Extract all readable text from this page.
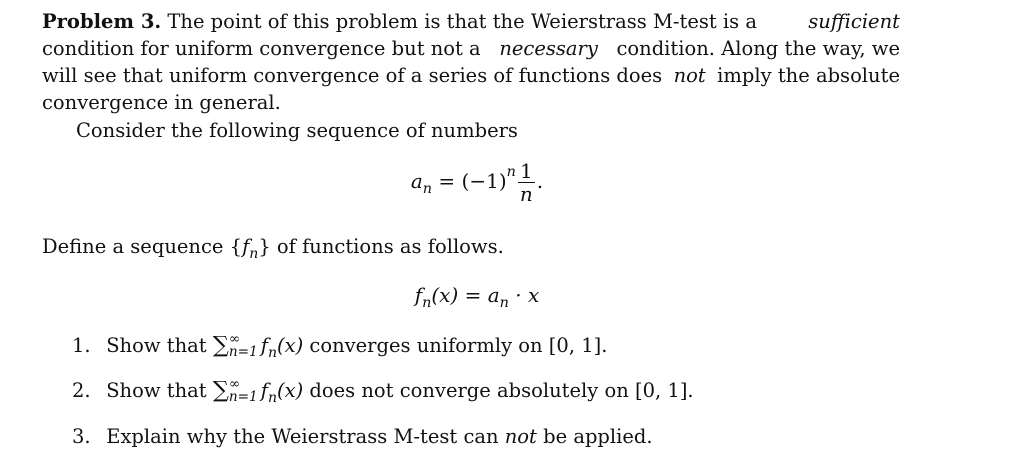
Problem 3. The point of this problem is that the Weierstrass M-test is a	sufficient
condition for uniform convergence but not a necessary condition. Along the way, we
will see that uniform convergence of a series of functions does not imply the absolute
convergence in general.
Consider the following sequence of numbers
$a_n = (-1)^n \frac{1}{n}$ .
Define a sequence $\{f_n\}$ of functions as follows.
$f_n(x) = a_n \cdot x$
1. Show that ∑ ∞
n=1 $f_n(x)$ converges uniformly on [0, 1].
2. Show that ∑ ∞
n=1 $f_n(x)$ does not converge absolutely on [0, 1].
3. Explain why the Weierstrass M-test can not be applied.
